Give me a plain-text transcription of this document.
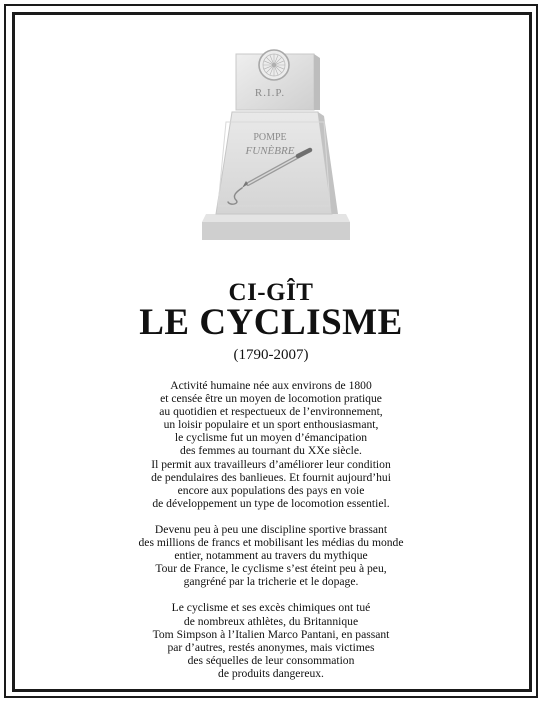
R.I.P.
POMPE
FUNÈBRE
CI-GÎT
LE CYCLISME
(1790-2007)

Activité humaine née aux environs de 1800
et censée être un moyen de locomotion pratique
au quotidien et respectueux de l’environnement,
un loisir populaire et un sport enthousiasmant,
le cyclisme fut un moyen d’émancipation
des femmes au tournant du XXe siècle.
Il permit aux travailleurs d’améliorer leur condition
de pendulaires des banlieues. Et fournit aujourd’hui
encore aux populations des pays en voie
de développement un type de locomotion essentiel.

Devenu peu à peu une discipline sportive brassant
des millions de francs et mobilisant les médias du monde
entier, notamment au travers du mythique
Tour de France, le cyclisme s’est éteint peu à peu,
gangréné par la tricherie et le dopage.

Le cyclisme et ses excès chimiques ont tué
de nombreux athlètes, du Britannique
Tom Simpson à l’Italien Marco Pantani, en passant
par d’autres, restés anonymes, mais victimes
des séquelles de leur consommation
de produits dangereux.
